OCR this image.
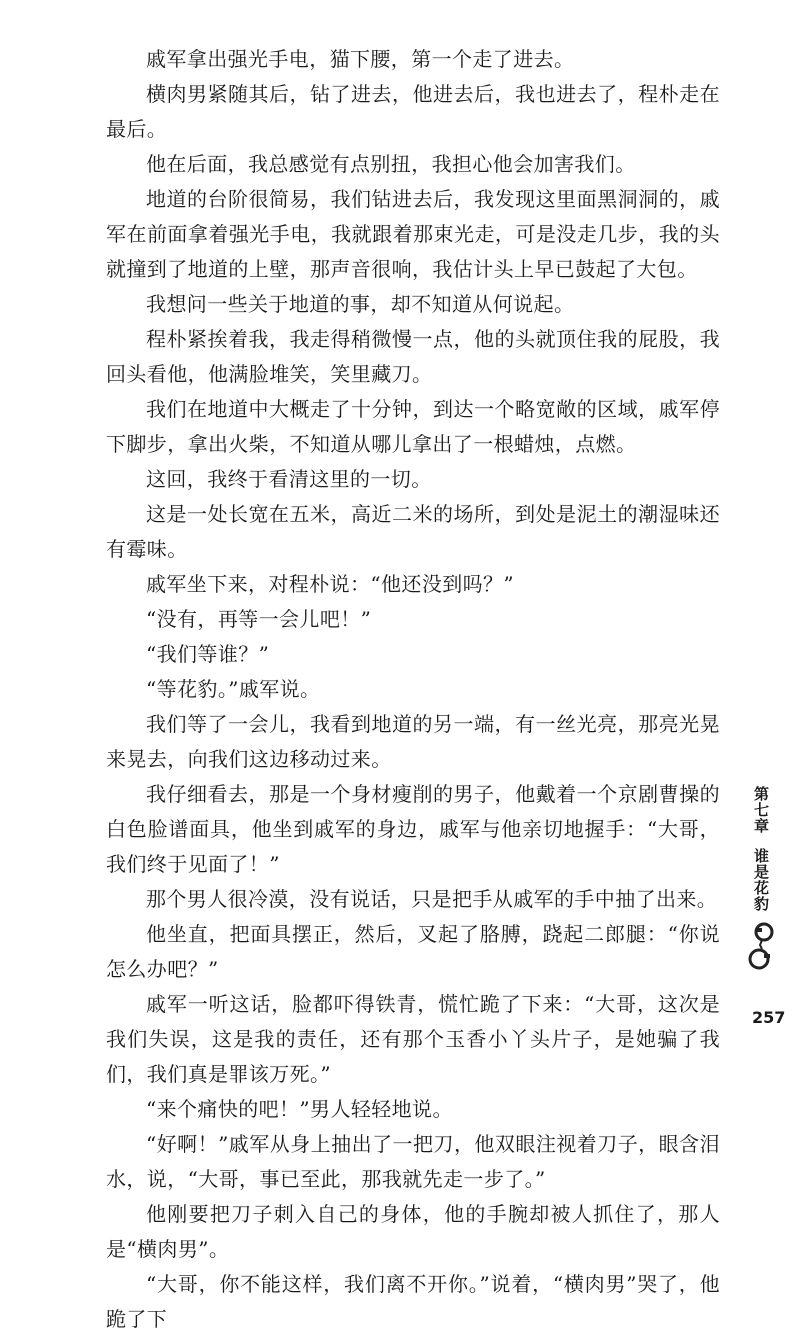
戚军拿出强光手电，猫下腰，第一个走了进去。

横肉男紧随其后，钻了进去，他进去后，我也进去了，程朴走在最后。

他在后面，我总感觉有点别扭，我担心他会加害我们。

地道的台阶很简易，我们钻进去后，我发现这里面黑洞洞的，戚军在前面拿着强光手电，我就跟着那束光走，可是没走几步，我的头就撞到了地道的上壁，那声音很响，我估计头上早已鼓起了大包。

我想问一些关于地道的事，却不知道从何说起。

程朴紧挨着我，我走得稍微慢一点，他的头就顶住我的屁股，我回头看他，他满脸堆笑，笑里藏刀。

我们在地道中大概走了十分钟，到达一个略宽敞的区域，戚军停下脚步，拿出火柴，不知道从哪儿拿出了一根蜡烛，点燃。

这回，我终于看清这里的一切。

这是一处长宽在五米，高近二米的场所，到处是泥土的潮湿味还有霉味。

戚军坐下来，对程朴说：“他还没到吗？”

“没有，再等一会儿吧！”

“我们等谁？”

“等花豹。”戚军说。

我们等了一会儿，我看到地道的另一端，有一丝光亮，那亮光晃来晃去，向我们这边移动过来。

我仔细看去，那是一个身材瘦削的男子，他戴着一个京剧曹操的白色脸谱面具，他坐到戚军的身边，戚军与他亲切地握手：“大哥，我们终于见面了！”

那个男人很冷漠，没有说话，只是把手从戚军的手中抽了出来。

他坐直，把面具摆正，然后，叉起了胳膊，跷起二郎腿：“你说怎么办吧？”

戚军一听这话，脸都吓得铁青，慌忙跪了下来：“大哥，这次是我们失误，这是我的责任，还有那个玉香小丫头片子，是她骗了我们，我们真是罪该万死。”

“来个痛快的吧！”男人轻轻地说。

“好啊！”戚军从身上抽出了一把刀，他双眼注视着刀子，眼含泪水，说，“大哥，事已至此，那我就先走一步了。”

他刚要把刀子刺入自己的身体，他的手腕却被人抓住了，那人是“横肉男”。

“大哥，你不能这样，我们离不开你。”说着，“横肉男”哭了，他跪了下

第七章
谁是花豹
257
